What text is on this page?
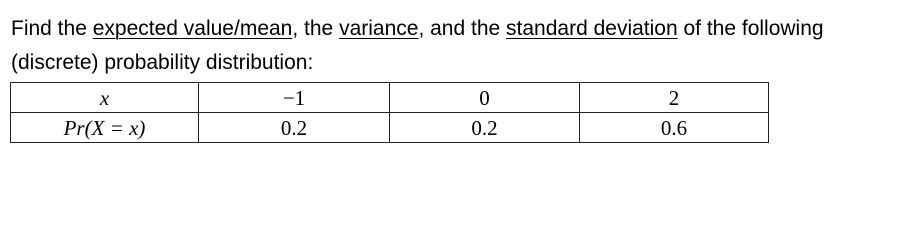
Find the expected value/mean, the variance, and the standard deviation of the following (discrete) probability distribution:
x	−1	0	2
Pr(X = x)	0.2	0.2	0.6
